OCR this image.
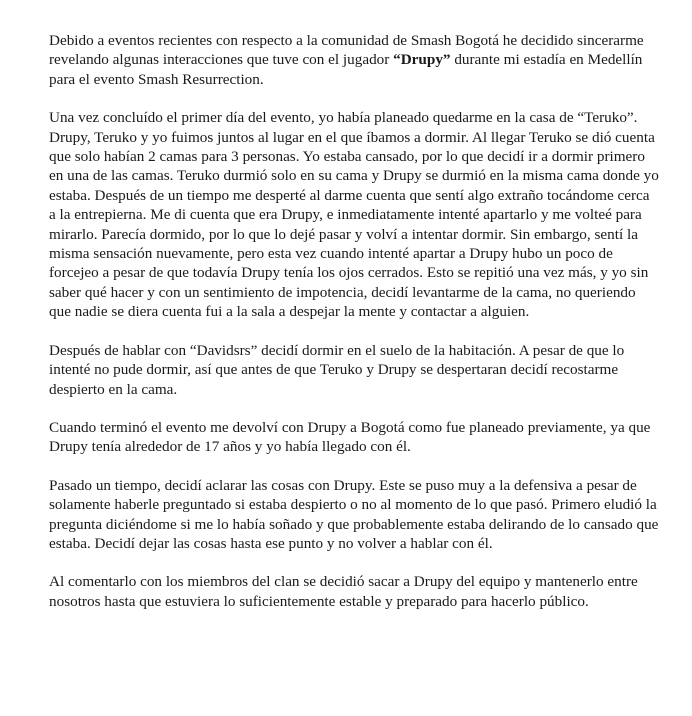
Debido a eventos recientes con respecto a la comunidad de Smash Bogotá he decidido sincerarme revelando algunas interacciones que tuve con el jugador “Drupy” durante mi estadía en Medellín para el evento Smash Resurrection.

Una vez concluído el primer día del evento, yo había planeado quedarme en la casa de “Teruko”. Drupy, Teruko y yo fuimos juntos al lugar en el que íbamos a dormir. Al llegar Teruko se dió cuenta que solo habían 2 camas para 3 personas. Yo estaba cansado, por lo que decidí ir a dormir primero en una de las camas. Teruko durmió solo en su cama y Drupy se durmió en la misma cama donde yo estaba. Después de un tiempo me desperté al darme cuenta que sentí algo extraño tocándome cerca a la entrepierna. Me di cuenta que era Drupy, e inmediatamente intenté apartarlo y me volteé para mirarlo. Parecía dormido, por lo que lo dejé pasar y volví a intentar dormir. Sin embargo, sentí la misma sensación nuevamente, pero esta vez cuando intenté apartar a Drupy hubo un poco de forcejeo a pesar de que todavía Drupy tenía los ojos cerrados. Esto se repitió una vez más, y yo sin saber qué hacer y con un sentimiento de impotencia, decidí levantarme de la cama, no queriendo que nadie se diera cuenta fui a la sala a despejar la mente y contactar a alguien.

Después de hablar con “Davidsrs” decidí dormir en el suelo de la habitación. A pesar de que lo intenté no pude dormir, así que antes de que Teruko y Drupy se despertaran decidí recostarme despierto en la cama.

Cuando terminó el evento me devolví con Drupy a Bogotá como fue planeado previamente, ya que Drupy tenía alrededor de 17 años y yo había llegado con él.

Pasado un tiempo, decidí aclarar las cosas con Drupy. Este se puso muy a la defensiva a pesar de solamente haberle preguntado si estaba despierto o no al momento de lo que pasó. Primero eludió la pregunta diciéndome si me lo había soñado y que probablemente estaba delirando de lo cansado que estaba. Decidí dejar las cosas hasta ese punto y no volver a hablar con él.

Al comentarlo con los miembros del clan se decidió sacar a Drupy del equipo y mantenerlo entre nosotros hasta que estuviera lo suficientemente estable y preparado para hacerlo público.
